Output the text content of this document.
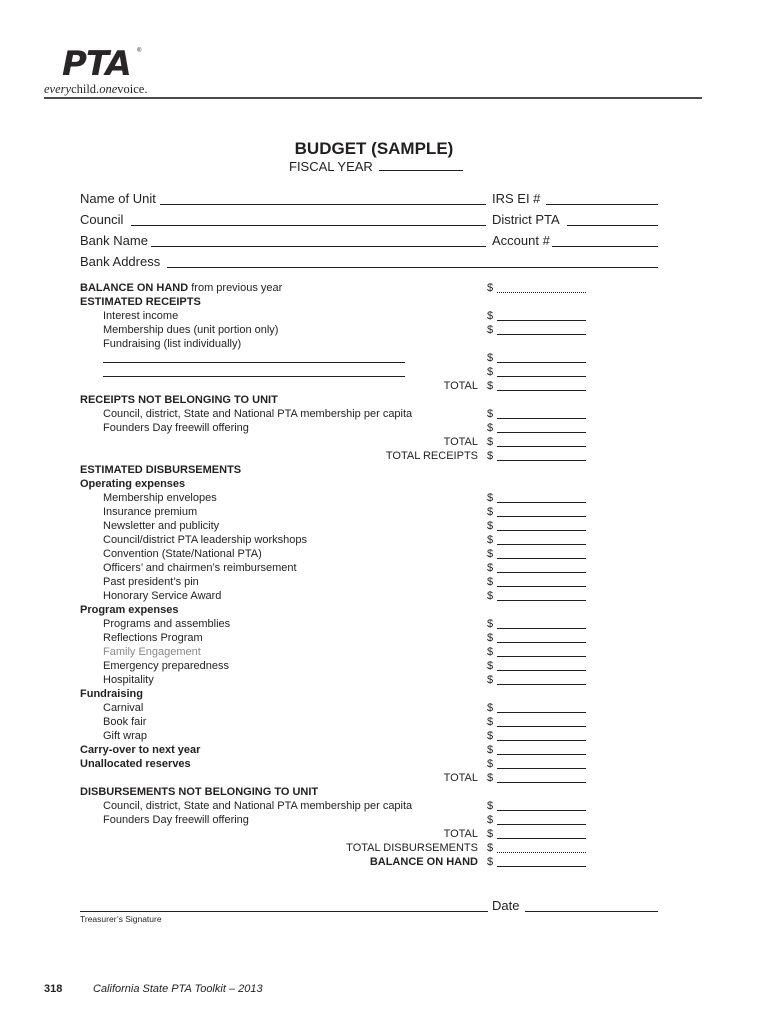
PTA ®
everychild.onevoice.
BUDGET (SAMPLE)
FISCAL YEAR
Name of Unit	IRS EI #
Council	District PTA
Bank Name	Account #
Bank Address
BALANCE ON HAND from previous year	$
ESTIMATED RECEIPTS
Interest income	$
Membership dues (unit portion only)	$
Fundraising (list individually)
$
$
TOTAL $
RECEIPTS NOT BELONGING TO UNIT
Council, district, State and National PTA membership per capita	$
Founders Day freewill offering	$
TOTAL $
TOTAL RECEIPTS $
ESTIMATED DISBURSEMENTS
Operating expenses
Membership envelopes	$
Insurance premium	$
Newsletter and publicity	$
Council/district PTA leadership workshops	$
Convention (State/National PTA)	$
Officers’ and chairmen’s reimbursement	$
Past president’s pin	$
Honorary Service Award	$
Program expenses
Programs and assemblies	$
Reflections Program	$
Family Engagement	$
Emergency preparedness	$
Hospitality	$
Fundraising
Carnival	$
Book fair	$
Gift wrap	$
Carry-over to next year	$
Unallocated reserves	$
TOTAL $
DISBURSEMENTS NOT BELONGING TO UNIT
Council, district, State and National PTA membership per capita	$
Founders Day freewill offering	$
TOTAL $
TOTAL DISBURSEMENTS $
BALANCE ON HAND $
Date
Treasurer’s Signature
318	California State PTA Toolkit – 2013
